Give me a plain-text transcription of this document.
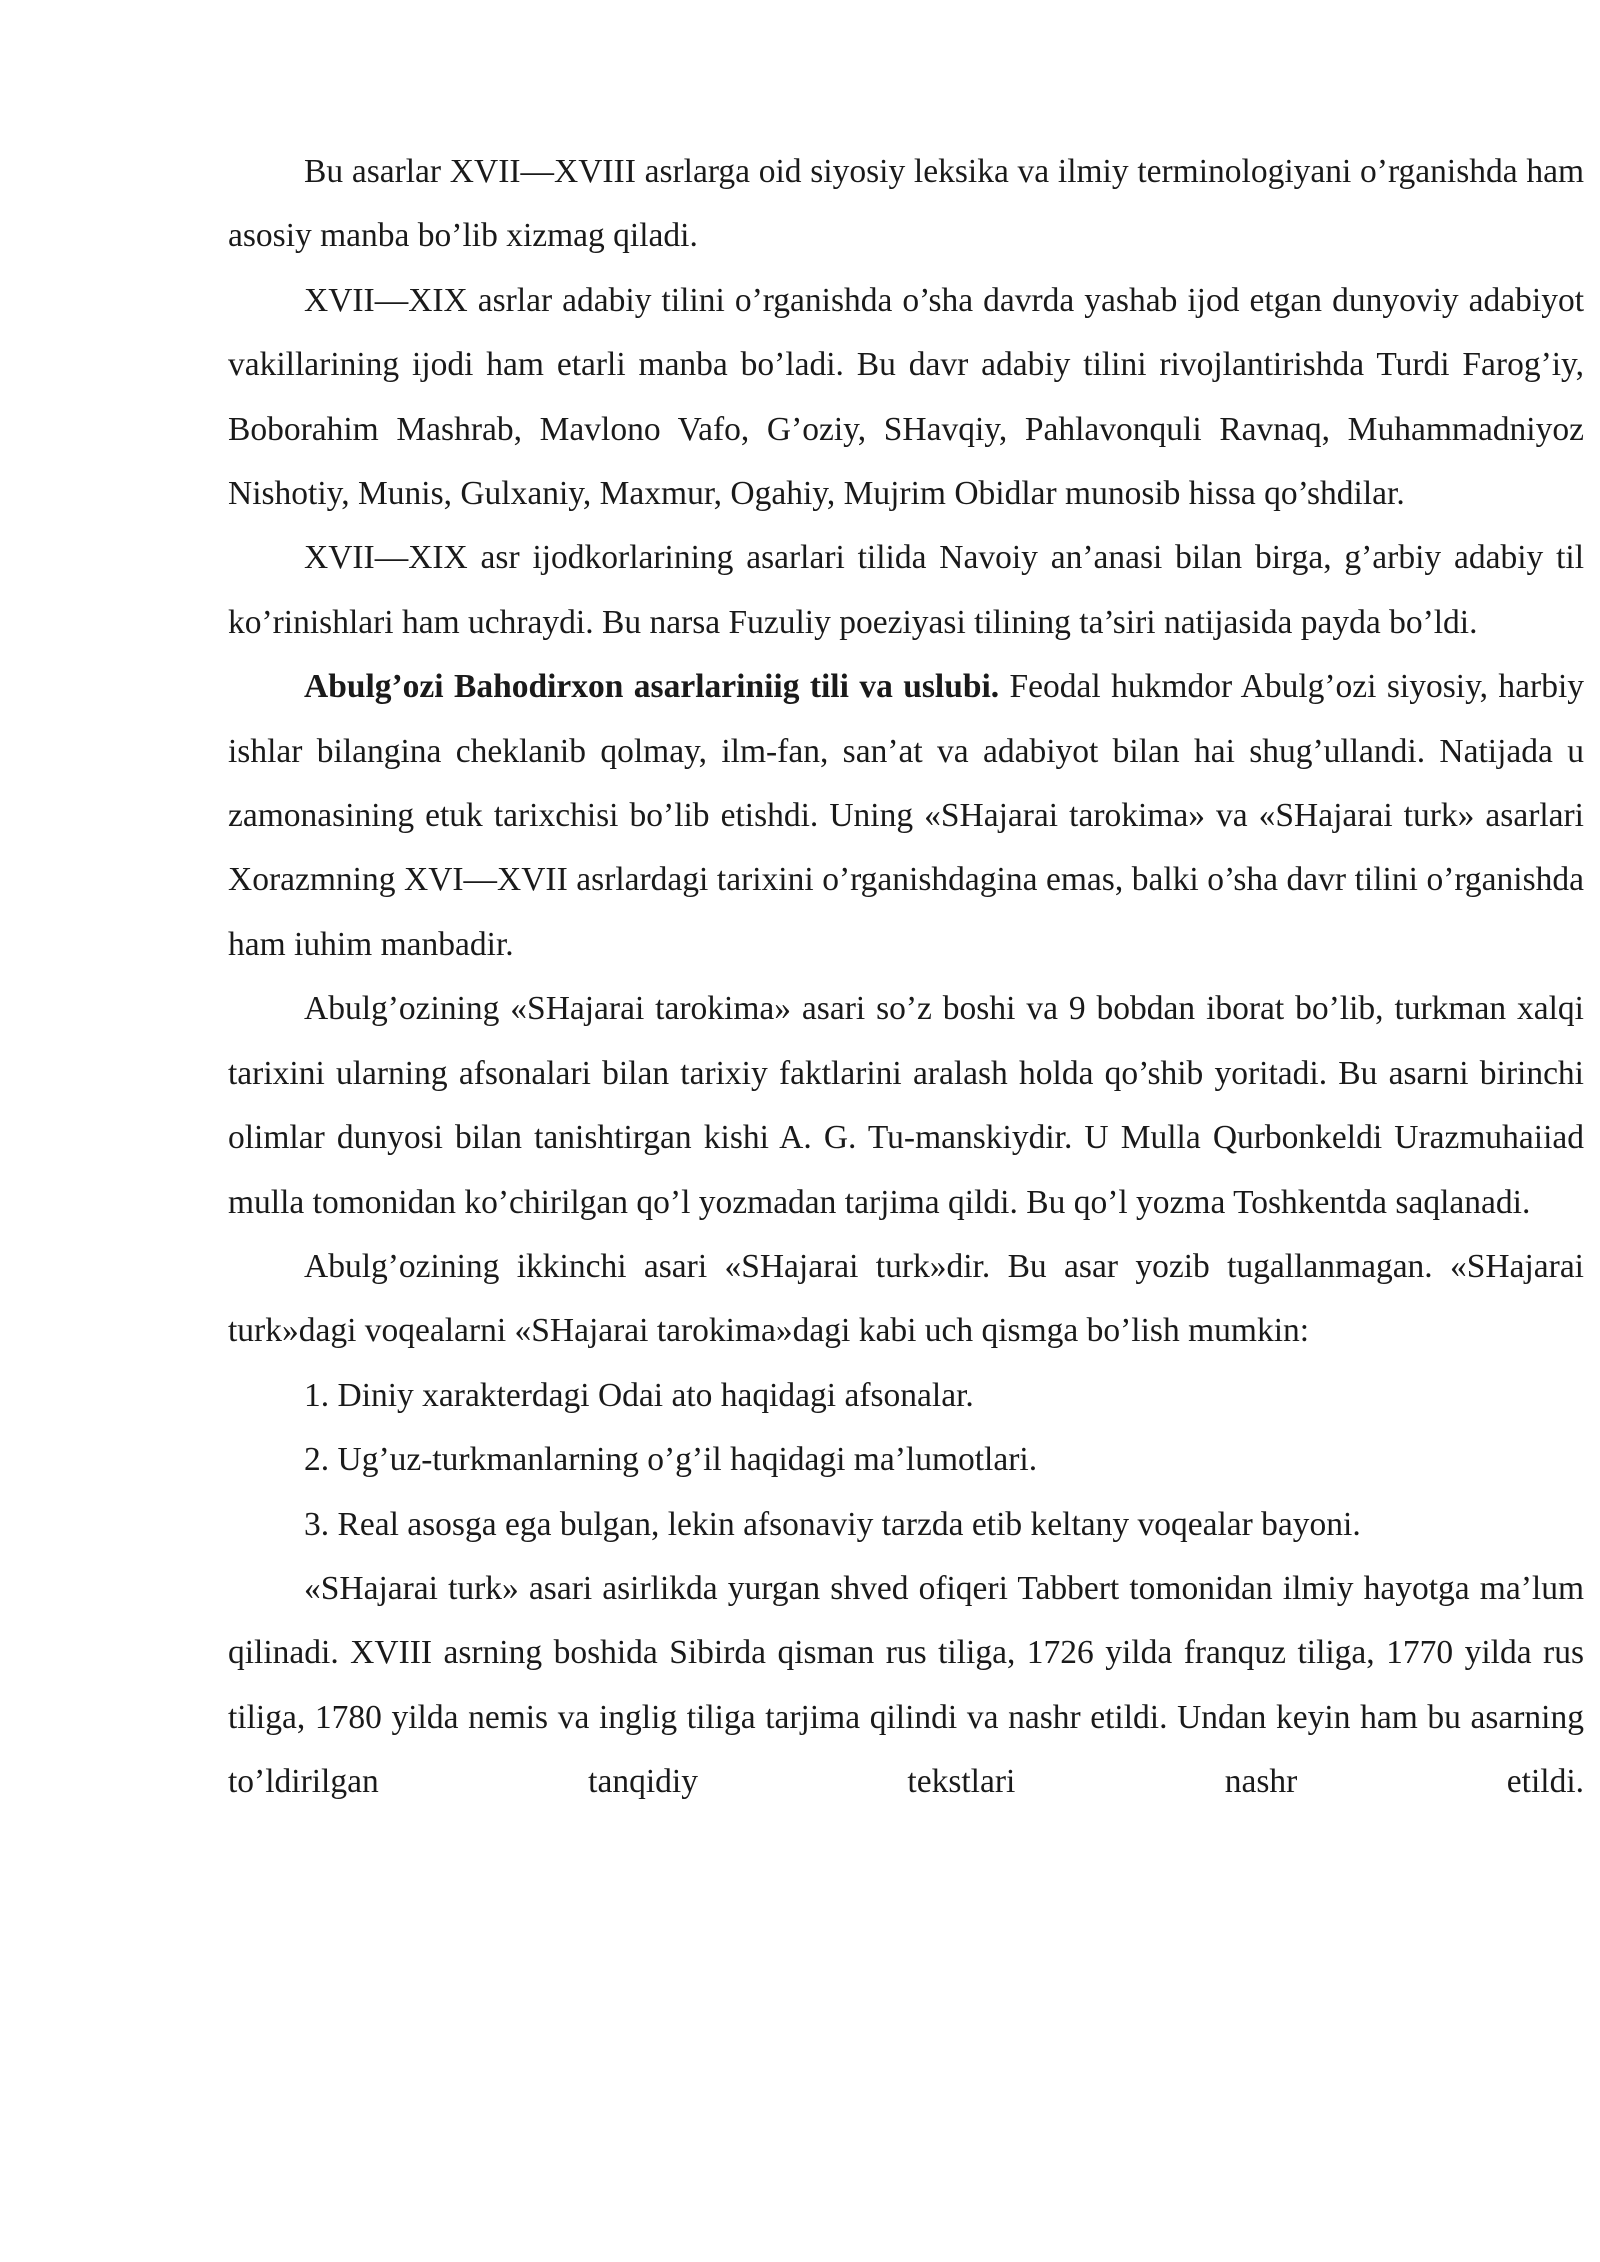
Bu asarlar XVII—XVIII asrlarga oid siyosiy leksika va ilmiy terminologiyani o’rganishda ham asosiy manba bo’lib xizmag qiladi.

XVII—XIX asrlar adabiy tilini o’rganishda o’sha davrda yashab ijod etgan dunyoviy adabiyot vakillarining ijodi ham etarli manba bo’ladi. Bu davr adabiy tilini rivojlantirishda Turdi Farog’iy, Boborahim Mashrab, Mavlono Vafo, G’oziy, SHavqiy, Pahlavonquli Ravnaq, Muhammadniyoz Nishotiy, Munis, Gulxaniy, Maxmur, Ogahiy, Mujrim Obidlar munosib hissa qo’shdilar.

XVII—XIX asr ijodkorlarining asarlari tilida Navoiy an’anasi bilan birga, g’arbiy adabiy til ko’rinishlari ham uchraydi. Bu narsa Fuzuliy poeziyasi tilining ta’siri natijasida payda bo’ldi.

Abulg’ozi Bahodirxon asarlariniig tili va uslubi. Feodal hukmdor Abulg’ozi siyosiy, harbiy ishlar bilangina cheklanib qolmay, ilm-fan, san’at va adabiyot bilan hai shug’ullandi. Natijada u zamonasining etuk tarixchisi bo’lib etishdi. Uning «SHajarai tarokima» va «SHajarai turk» asarlari Xorazmning XVI—XVII asrlardagi tarixini o’rganishdagina emas, balki o’sha davr tilini o’rganishda ham iuhim manbadir.

Abulg’ozining «SHajarai tarokima» asari so’z boshi va 9 bobdan iborat bo’lib, turkman xalqi tarixini ularning afsonalari bilan tarixiy faktlarini aralash holda qo’shib yoritadi. Bu asarni birinchi olimlar dunyosi bilan tanishtirgan kishi A. G. Tu-manskiydir. U Mulla Qurbonkeldi Urazmuhaiiad mulla tomonidan ko’chirilgan qo’l yozmadan tarjima qildi. Bu qo’l yozma Toshkentda saqlanadi.

Abulg’ozining ikkinchi asari «SHajarai turk»dir. Bu asar yozib tugallanmagan. «SHajarai turk»dagi voqealarni «SHajarai tarokima»dagi kabi uch qismga bo’lish mumkin:

1. Diniy xarakterdagi Odai ato haqidagi afsonalar.

2. Ug’uz-turkmanlarning o’g’il haqidagi ma’lumotlari.

3. Real asosga ega bulgan, lekin afsonaviy tarzda etib keltany voqealar bayoni.

«SHajarai turk» asari asirlikda yurgan shved ofiqeri Tabbert tomonidan ilmiy hayotga ma’lum qilinadi. XVIII asrning boshida Sibirda qisman rus tiliga, 1726 yilda franquz tiliga, 1770 yilda rus tiliga, 1780 yilda nemis va inglig tiliga tarjima qilindi va nashr etildi. Undan keyin ham bu asarning to’ldirilgan tanqidiy tekstlari nashr etildi.
